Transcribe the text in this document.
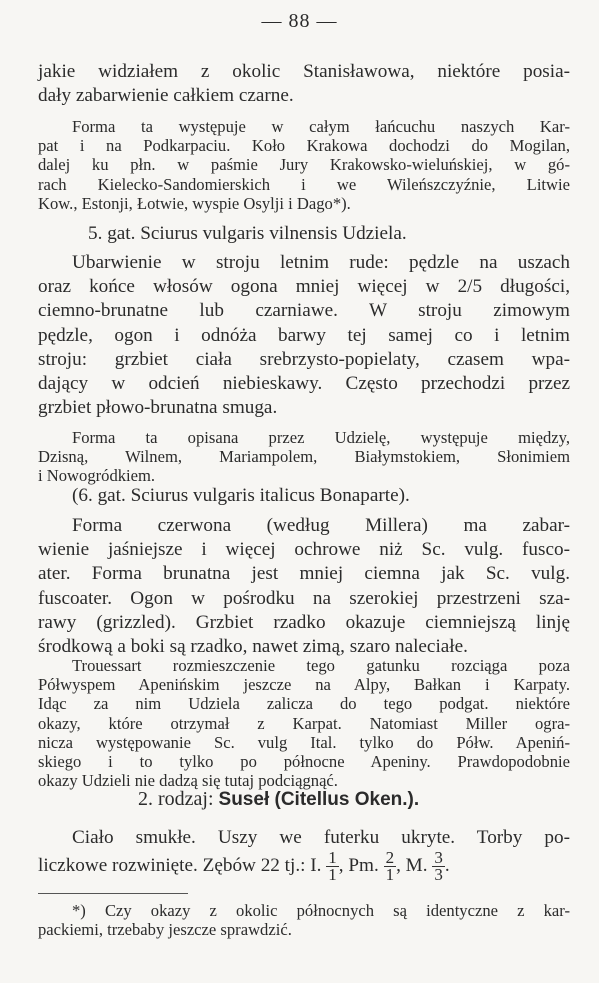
— 88 —
jakie widziałem z okolic Stanisławowa, niektóre posia-
dały zabarwienie całkiem czarne.
Forma ta występuje w całym łańcuchu naszych Kar-
pat i na Podkarpaciu. Koło Krakowa dochodzi do Mogilan,
dalej ku płn. w paśmie Jury Krakowsko-wieluńskiej, w gó-
rach Kielecko-Sandomierskich i we Wileńszczyźnie, Litwie
Kow., Estonji, Łotwie, wyspie Osylji i Dago*).
5. gat. Sciurus vulgaris vilnensis Udziela.
Ubarwienie w stroju letnim rude: pędzle na uszach
oraz końce włosów ogona mniej więcej w 2/5 długości,
ciemno-brunatne lub czarniawe. W stroju zimowym
pędzle, ogon i odnóża barwy tej samej co i letnim
stroju: grzbiet ciała srebrzysto-popielaty, czasem wpa-
dający w odcień niebieskawy. Często przechodzi przez
grzbiet płowo-brunatna smuga.
Forma ta opisana przez Udzielę, występuje między,
Dzisną, Wilnem, Mariampolem, Białymstokiem, Słonimiem
i Nowogródkiem.
(6. gat. Sciurus vulgaris italicus Bonaparte).
Forma czerwona (według Millera) ma zabar-
wienie jaśniejsze i więcej ochrowe niż Sc. vulg. fusco-
ater. Forma brunatna jest mniej ciemna jak Sc. vulg.
fuscoater. Ogon w pośrodku na szerokiej przestrzeni sza-
rawy (grizzled). Grzbiet rzadko okazuje ciemniejszą linję
środkową a boki są rzadko, nawet zimą, szaro naleciałe.
Trouessart rozmieszczenie tego gatunku rozciąga poza
Półwyspem Apenińskim jeszcze na Alpy, Bałkan i Karpaty.
Idąc za nim Udziela zalicza do tego podgat. niektóre
okazy, które otrzymał z Karpat. Natomiast Miller ogra-
nicza występowanie Sc. vulg Ital. tylko do Półw. Apeniń-
skiego i to tylko po północne Apeniny. Prawdopodobnie
okazy Udzieli nie dadzą się tutaj podciągnąć.
2. rodzaj: Suseł (Citellus Oken.).
Ciało smukłe. Uszy we futerku ukryte. Torby po-
liczkowe rozwinięte. Zębów 22 tj.: I. $\frac{1}{1}$ , Pm. $\frac{2}{1}$ , M. $\frac{3}{3}$ .
*) Czy okazy z okolic północnych są identyczne z kar-
packiemi, trzebaby jeszcze sprawdzić.
